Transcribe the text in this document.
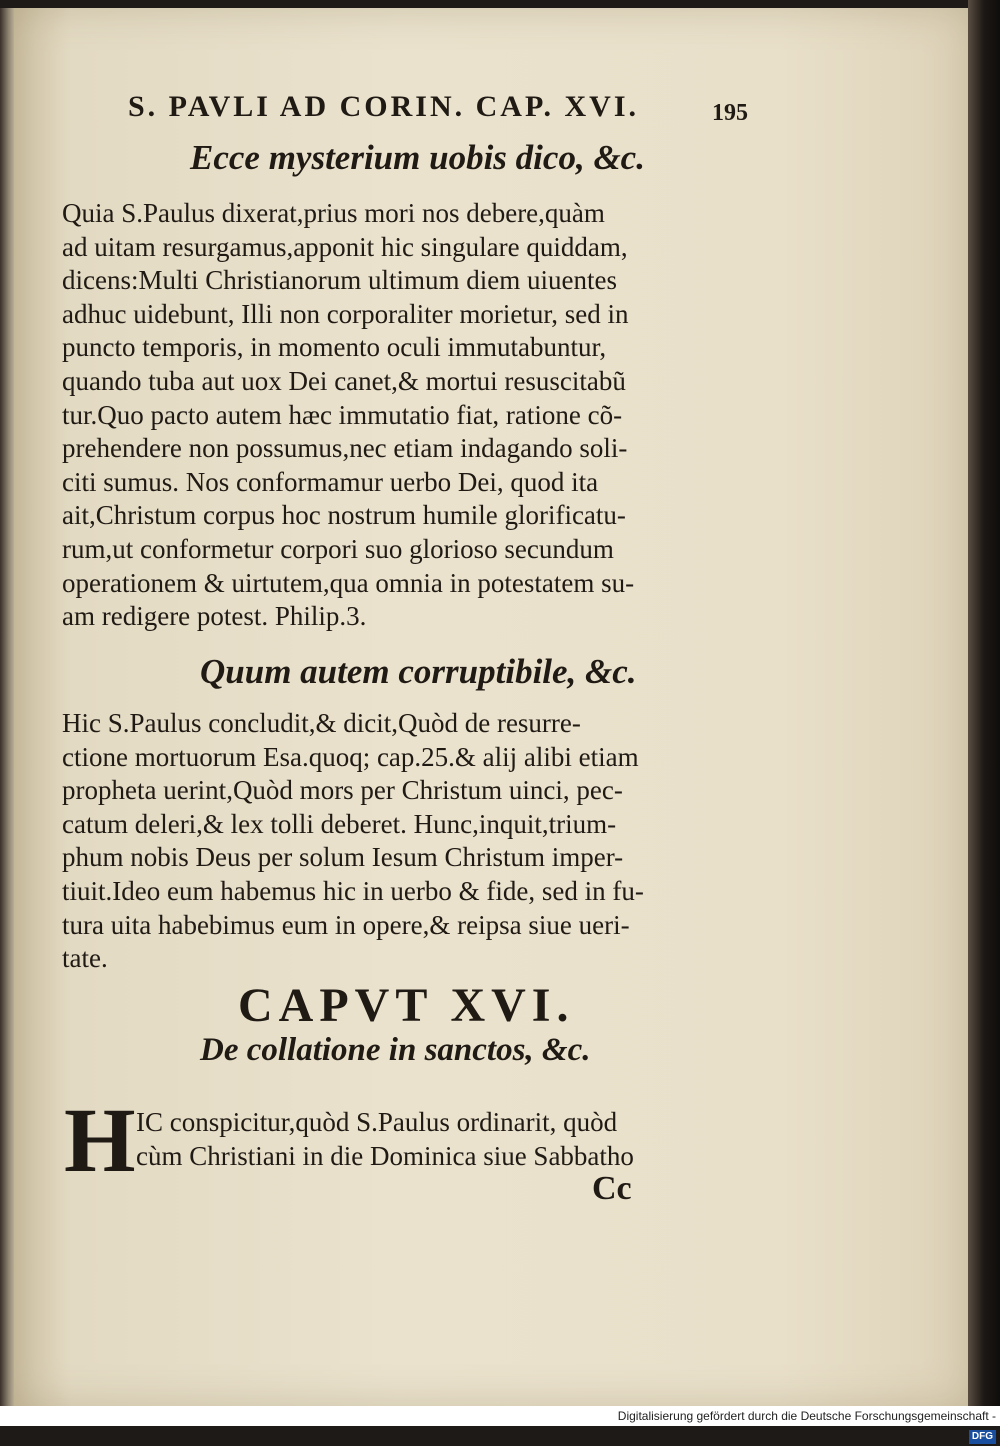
S. PAVLI AD CORIN. CAP. XVI.	195
Ecce mysterium uobis dico, &c.
Quia S.Paulus dixerat,prius mori nos debere,quàm
ad uitam resurgamus,apponit hic singulare quiddam,
dicens:Multi Christianorum ultimum diem uiuentes
adhuc uidebunt, Illi non corporaliter morietur, sed in
puncto temporis, in momento oculi immutabuntur,
quando tuba aut uox Dei canet,& mortui resuscitabũ
tur.Quo pacto autem hæc immutatio fiat, ratione cõ-
prehendere non possumus,nec etiam indagando soli-
citi sumus. Nos conformamur uerbo Dei, quod ita
ait,Christum corpus hoc nostrum humile glorificatu-
rum,ut conformetur corpori suo glorioso secundum
operationem & uirtutem,qua omnia in potestatem su-
am redigere potest. Philip.3.
Quum autem corruptibile, &c.
Hic S.Paulus concludit,& dicit,Quòd de resurre-
ctione mortuorum Esa.quoq; cap.25.& alij alibi etiam
propheta uerint,Quòd mors per Christum uinci, pec-
catum deleri,& lex tolli deberet. Hunc,inquit,trium-
phum nobis Deus per solum Iesum Christum imper-
tiuit.Ideo eum habemus hic in uerbo & fide, sed in fu-
tura uita habebimus eum in opere,& reipsa siue ueri-
tate.
CAPVT XVI.
De collatione in sanctos, &c.
H IC conspicitur,quòd S.Paulus ordinarit, quòd
cùm Christiani in die Dominica siue Sabbatho
Cc
Digitalisierung gefördert durch die Deutsche Forschungsgemeinschaft -DFG
